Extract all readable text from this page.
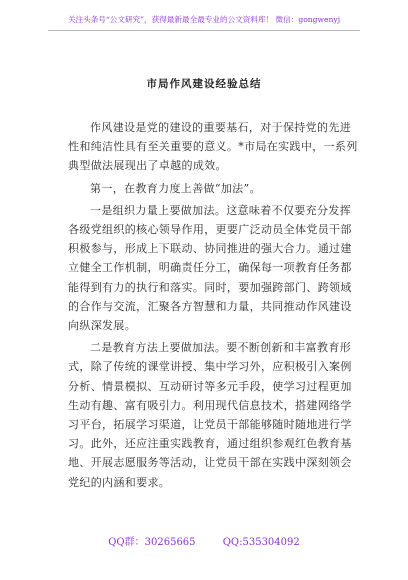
关注头条号“公文研究”，获得最新最全最专业的公文资料库！ 微信：gongwenyj
市局作风建设经验总结

作风建设是党的建设的重要基石，对于保持党的先进
性和纯洁性具有至关重要的意义。*市局在实践中，一系列
典型做法展现出了卓越的成效。

第一，在教育力度上善做“加法”。

一是组织力量上要做加法。这意味着不仅要充分发挥
各级党组织的核心领导作用，更要广泛动员全体党员干部
积极参与，形成上下联动、协同推进的强大合力。通过建
立健全工作机制，明确责任分工，确保每一项教育任务都
能得到有力的执行和落实。同时，要加强跨部门、跨领域
的合作与交流，汇聚各方智慧和力量，共同推动作风建设
向纵深发展。

二是教育方法上要做加法。要不断创新和丰富教育形
式，除了传统的课堂讲授、集中学习外，应积极引入案例
分析、情景模拟、互动研讨等多元手段，使学习过程更加
生动有趣、富有吸引力。利用现代信息技术，搭建网络学
习平台，拓展学习渠道，让党员干部能够随时随地进行学
习。此外，还应注重实践教育，通过组织参观红色教育基
地、开展志愿服务等活动，让党员干部在实践中深刻领会
党纪的内涵和要求。

QQ群：30265665	QQ:535304092
